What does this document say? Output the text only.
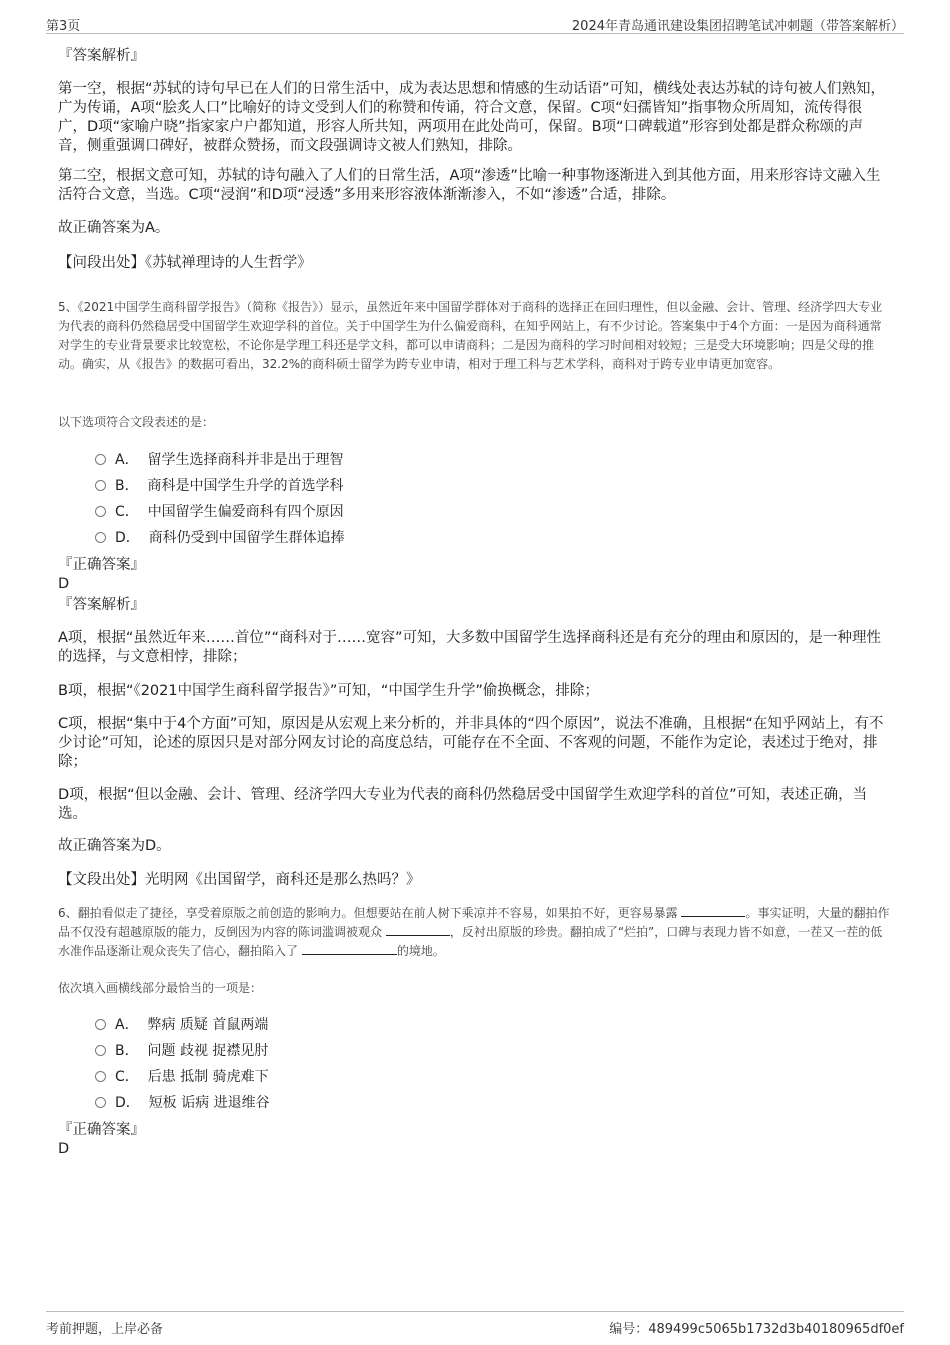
第3页	2024年青岛通讯建设集团招聘笔试冲刺题（带答案解析）

『答案解析』

第一空，根据“苏轼的诗句早已在人们的日常生活中，成为表达思想和情感的生动话语”可知，横线处表达苏轼的诗句被人们熟知，广为传诵，A项“脍炙人口”比喻好的诗文受到人们的称赞和传诵，符合文意，保留。C项“妇孺皆知”指事物众所周知，流传得很广，D项“家喻户晓”指家家户户都知道，形容人所共知，两项用在此处尚可，保留。B项“口碑载道”形容到处都是群众称颂的声音，侧重强调口碑好，被群众赞扬，而文段强调诗文被人们熟知，排除。

第二空，根据文意可知，苏轼的诗句融入了人们的日常生活，A项“渗透”比喻一种事物逐渐进入到其他方面，用来形容诗文融入生活符合文意，当选。C项“浸润”和D项“浸透”多用来形容液体渐渐渗入，不如“渗透”合适，排除。

故正确答案为A。

【问段出处】《苏轼禅理诗的人生哲学》

5、《2021中国学生商科留学报告》（简称《报告》）显示，虽然近年来中国留学群体对于商科的选择正在回归理性，但以金融、会计、管理、经济学四大专业为代表的商科仍然稳居受中国留学生欢迎学科的首位。关于中国学生为什么偏爱商科，在知乎网站上，有不少讨论。答案集中于4个方面：一是因为商科通常对学生的专业背景要求比较宽松，不论你是学理工科还是学文科，都可以申请商科；二是因为商科的学习时间相对较短；三是受大环境影响；四是父母的推动。确实，从《报告》的数据可看出，32.2%的商科硕士留学为跨专业申请，相对于理工科与艺术学科，商科对于跨专业申请更加宽容。

以下选项符合文段表述的是：

A． 留学生选择商科并非是出于理智
B． 商科是中国学生升学的首选学科
C． 中国留学生偏爱商科有四个原因
D． 商科仍受到中国留学生群体追捧

『正确答案』

D

『答案解析』

A项，根据“虽然近年来……首位”“商科对于……宽容”可知，大多数中国留学生选择商科还是有充分的理由和原因的，是一种理性的选择，与文意相悖，排除；

B项，根据“《2021中国学生商科留学报告》”可知，“中国学生升学”偷换概念，排除；

C项，根据“集中于4个方面”可知，原因是从宏观上来分析的，并非具体的“四个原因”，说法不准确，且根据“在知乎网站上，有不少讨论”可知，论述的原因只是对部分网友讨论的高度总结，可能存在不全面、不客观的问题，不能作为定论，表述过于绝对，排除；

D项，根据“但以金融、会计、管理、经济学四大专业为代表的商科仍然稳居受中国留学生欢迎学科的首位”可知，表述正确，当选。

故正确答案为D。

【文段出处】光明网《出国留学，商科还是那么热吗？》

6、翻拍看似走了捷径，享受着原版之前创造的影响力。但想要站在前人树下乘凉并不容易，如果拍不好，更容易暴露	。事实证明，大量的翻拍作品不仅没有超越原版的能力，反倒因为内容的陈词滥调被观众	，反衬出原版的珍贵。翻拍成了“烂拍”，口碑与表现力皆不如意，一茬又一茬的低水准作品逐渐让观众丧失了信心，翻拍陷入了	的境地。

依次填入画横线部分最恰当的一项是：

A． 弊病 质疑 首鼠两端
B． 问题 歧视 捉襟见肘
C． 后患 抵制 骑虎难下
D． 短板 诟病 进退维谷

『正确答案』

D

考前押题，上岸必备	编号：489499c5065b1732d3b40180965df0ef
